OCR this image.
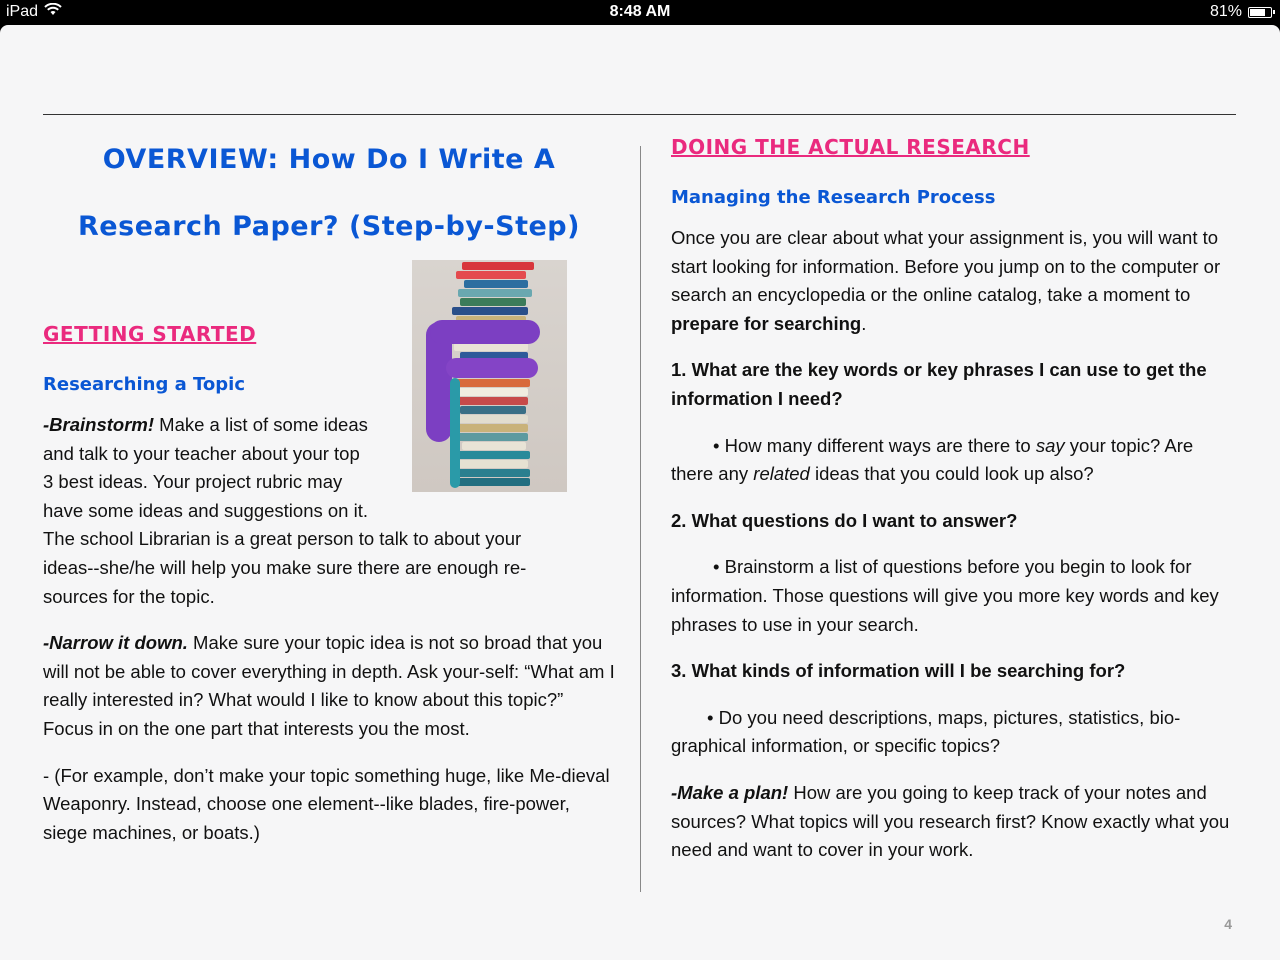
iPad	8:48 AM	81%
OVERVIEW: How Do I Write A
Research Paper? (Step-by-Step)
GETTING STARTED
Researching a Topic

-Brainstorm! Make a list of some ideas
and talk to your teacher about your top
3 best ideas. Your project rubric may
have some ideas and suggestions on it.
The school Librarian is a great person to talk to about your
ideas--she/he will help you make sure there are enough re-
sources for the topic.

-Narrow it down. Make sure your topic idea is not so broad that you will not be able to cover everything in depth. Ask your-self: “What am I really interested in? What would I like to know about this topic?” Focus in on the one part that interests you the most.

- (For example, don’t make your topic something huge, like Me-dieval Weaponry. Instead, choose one element--like blades, fire-power, siege machines, or boats.)

DOING THE ACTUAL RESEARCH
Managing the Research Process

Once you are clear about what your assignment is, you will want to start looking for information. Before you jump on to the computer or search an encyclopedia or the online catalog, take a moment to prepare for searching.

1. What are the key words or key phrases I can use to get the information I need?

• How many different ways are there to say your topic? Are there any related ideas that you could look up also?

2. What questions do I want to answer?

• Brainstorm a list of questions before you begin to look for information. Those questions will give you more key words and key phrases to use in your search.

3. What kinds of information will I be searching for?

• Do you need descriptions, maps, pictures, statistics, bio-graphical information, or specific topics?

-Make a plan! How are you going to keep track of your notes and sources? What topics will you research first? Know exactly what you need and want to cover in your work.

4
